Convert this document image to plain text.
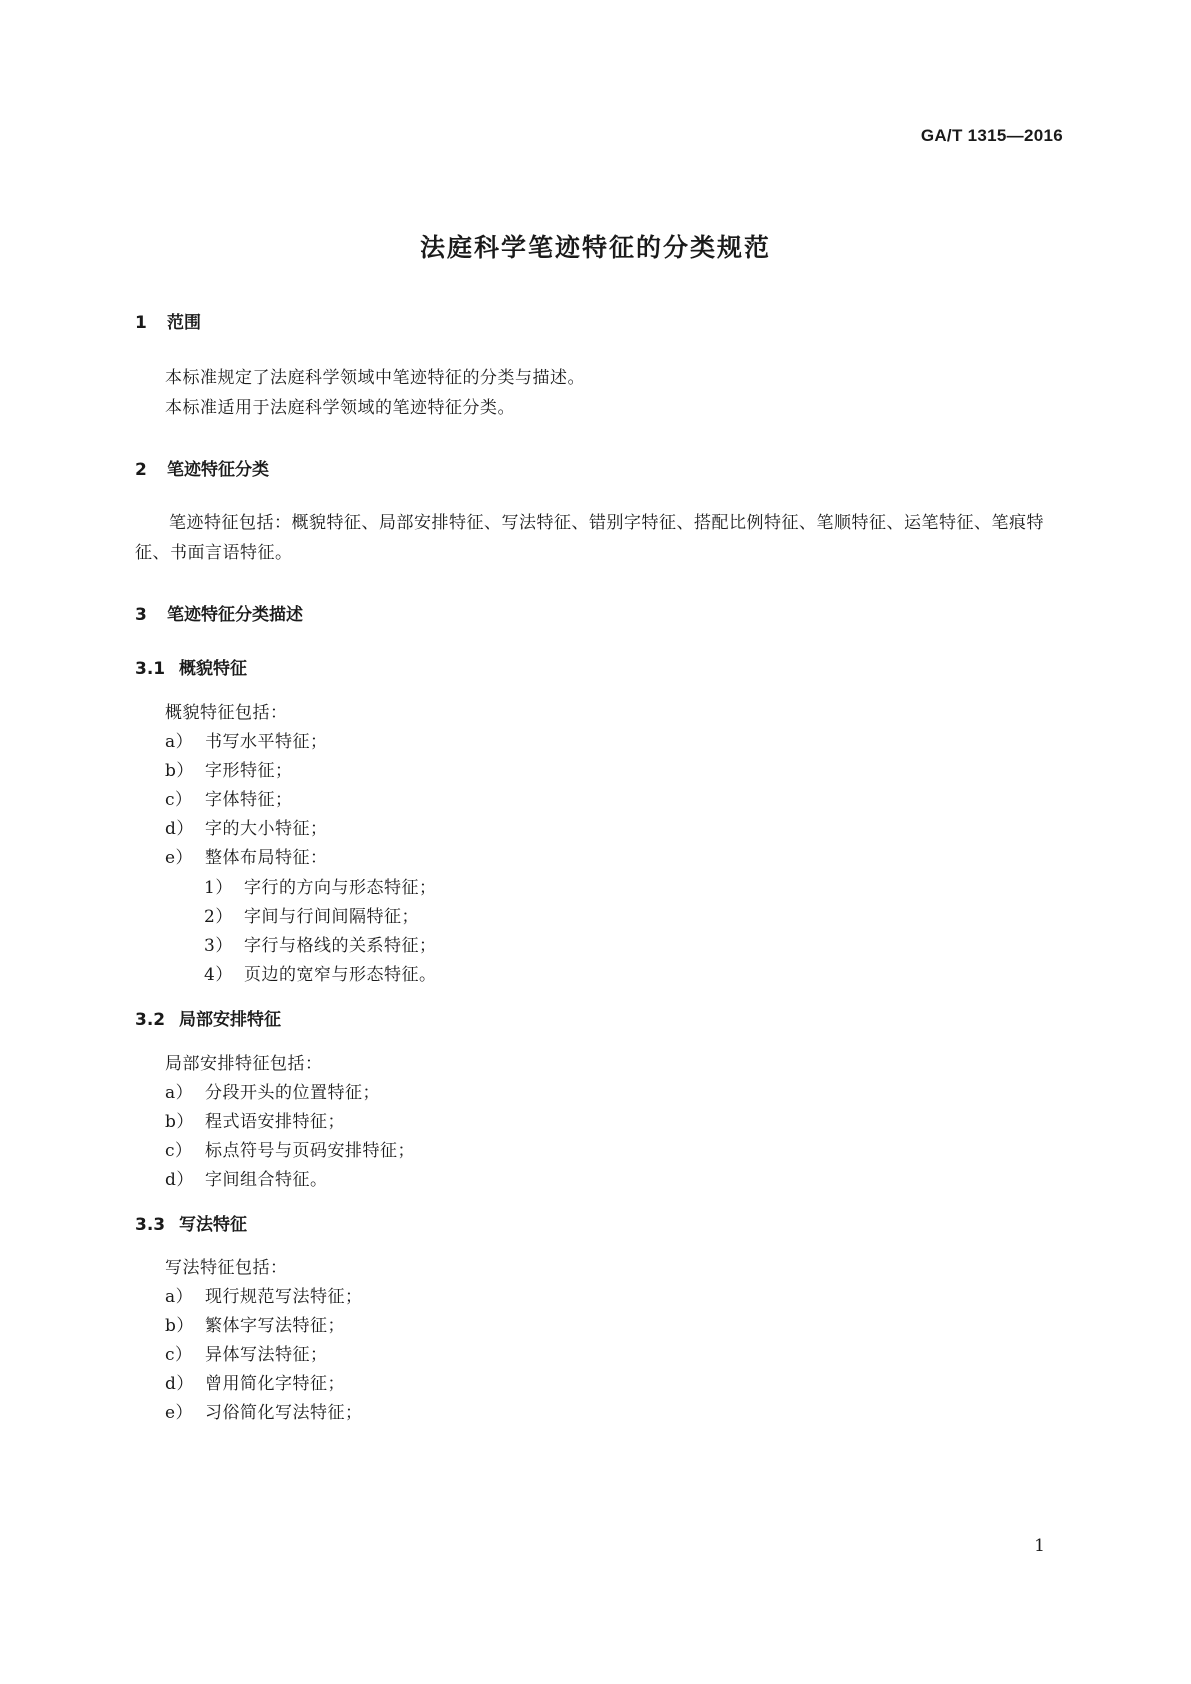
GA/T 1315—2016
法庭科学笔迹特征的分类规范
1 范围
本标准规定了法庭科学领域中笔迹特征的分类与描述。
本标准适用于法庭科学领域的笔迹特征分类。
2 笔迹特征分类
笔迹特征包括：概貌特征、局部安排特征、写法特征、错别字特征、搭配比例特征、笔顺特征、运笔特征、笔痕特征、书面言语特征。
3 笔迹特征分类描述
3.1 概貌特征
概貌特征包括：
a） 书写水平特征；
b） 字形特征；
c） 字体特征；
d） 字的大小特征；
e） 整体布局特征：
1） 字行的方向与形态特征；
2） 字间与行间间隔特征；
3） 字行与格线的关系特征；
4） 页边的宽窄与形态特征。
3.2 局部安排特征
局部安排特征包括：
a） 分段开头的位置特征；
b） 程式语安排特征；
c） 标点符号与页码安排特征；
d） 字间组合特征。
3.3 写法特征
写法特征包括：
a） 现行规范写法特征；
b） 繁体字写法特征；
c） 异体写法特征；
d） 曾用简化字特征；
e） 习俗简化写法特征；
1
